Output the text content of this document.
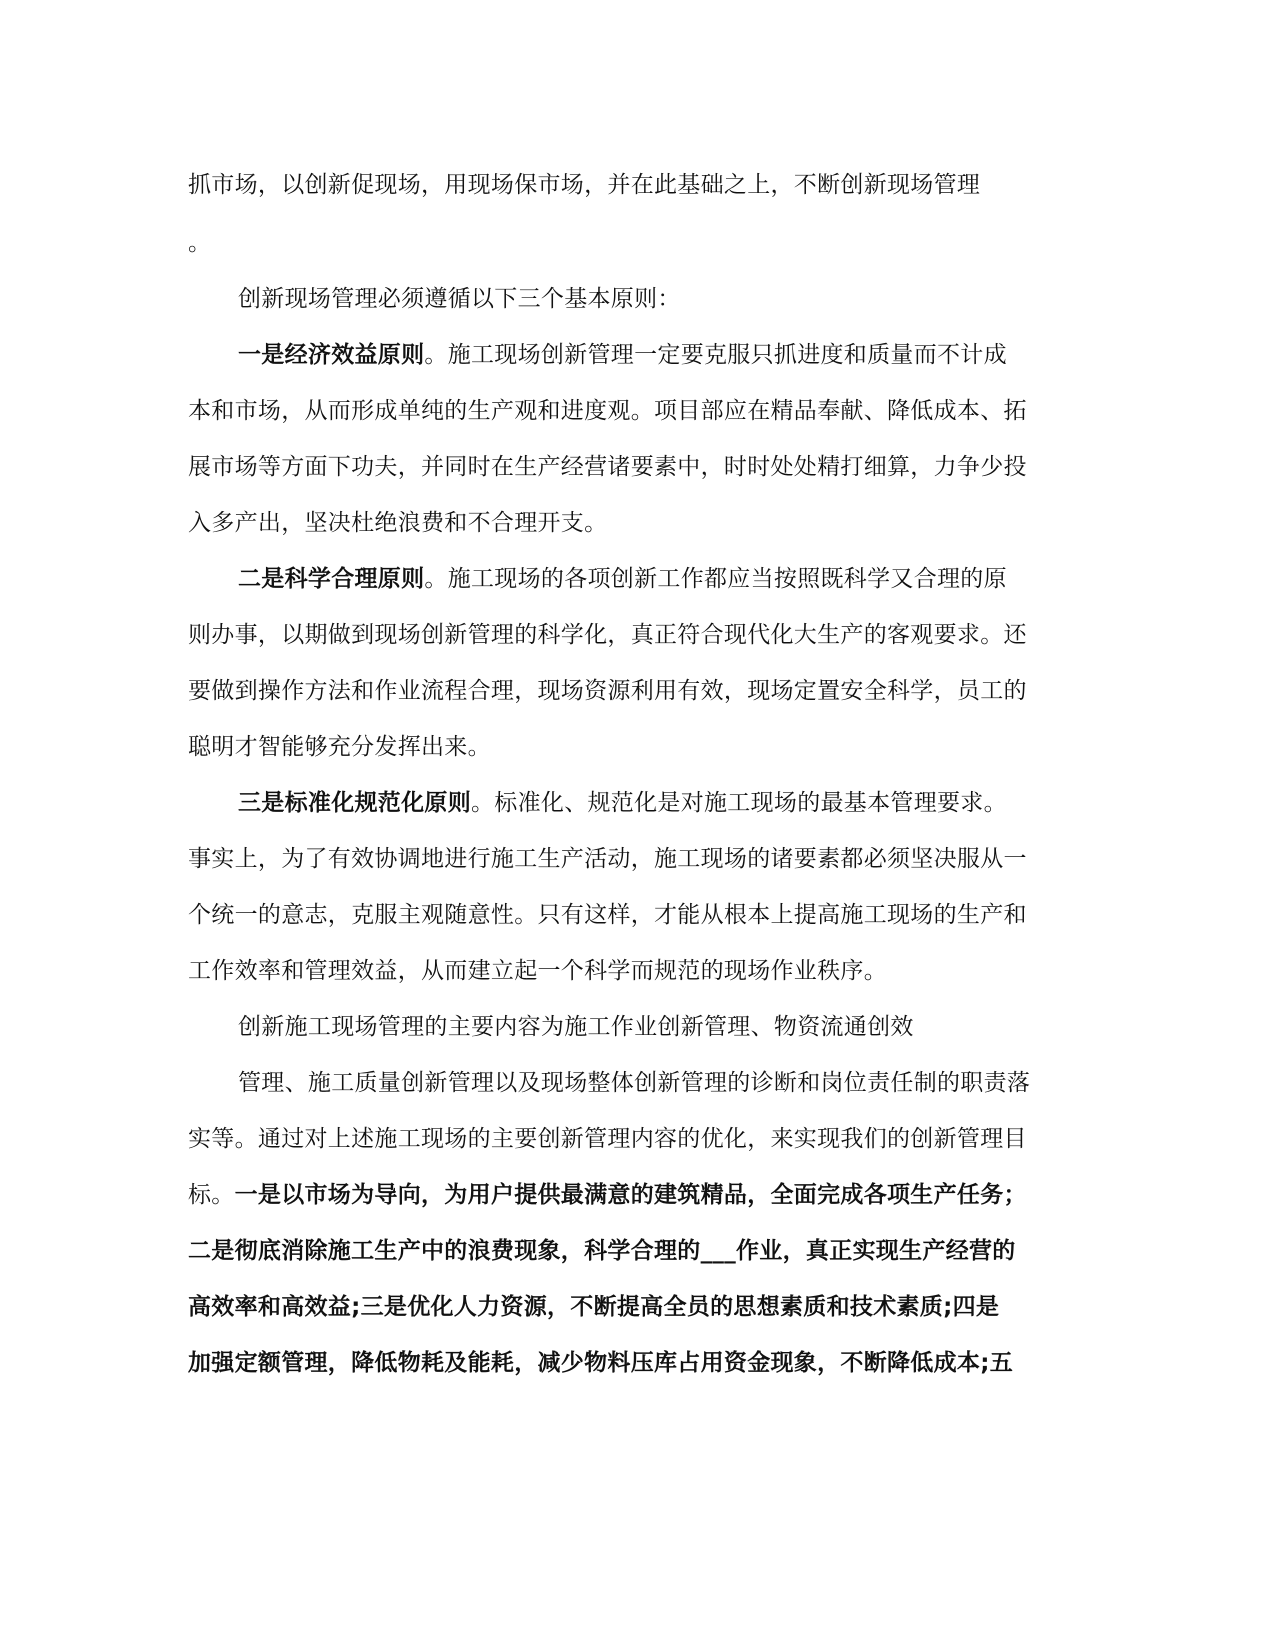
抓市场，以创新促现场，用现场保市场，并在此基础之上，不断创新现场管理
。
创新现场管理必须遵循以下三个基本原则：
一是经济效益原则。施工现场创新管理一定要克服只抓进度和质量而不计成
本和市场，从而形成单纯的生产观和进度观。项目部应在精品奉献、降低成本、拓
展市场等方面下功夫，并同时在生产经营诸要素中，时时处处精打细算，力争少投
入多产出，坚决杜绝浪费和不合理开支。
二是科学合理原则。施工现场的各项创新工作都应当按照既科学又合理的原
则办事，以期做到现场创新管理的科学化，真正符合现代化大生产的客观要求。还
要做到操作方法和作业流程合理，现场资源利用有效，现场定置安全科学，员工的
聪明才智能够充分发挥出来。
三是标准化规范化原则。标准化、规范化是对施工现场的最基本管理要求。
事实上，为了有效协调地进行施工生产活动，施工现场的诸要素都必须坚决服从一
个统一的意志，克服主观随意性。只有这样，才能从根本上提高施工现场的生产和
工作效率和管理效益，从而建立起一个科学而规范的现场作业秩序。
创新施工现场管理的主要内容为施工作业创新管理、物资流通创效
管理、施工质量创新管理以及现场整体创新管理的诊断和岗位责任制的职责落
实等。通过对上述施工现场的主要创新管理内容的优化，来实现我们的创新管理目
标。一是以市场为导向，为用户提供最满意的建筑精品，全面完成各项生产任务；
二是彻底消除施工生产中的浪费现象，科学合理的___作业，真正实现生产经营的
高效率和高效益;三是优化人力资源，不断提高全员的思想素质和技术素质;四是
加强定额管理，降低物耗及能耗，减少物料压库占用资金现象，不断降低成本;五
